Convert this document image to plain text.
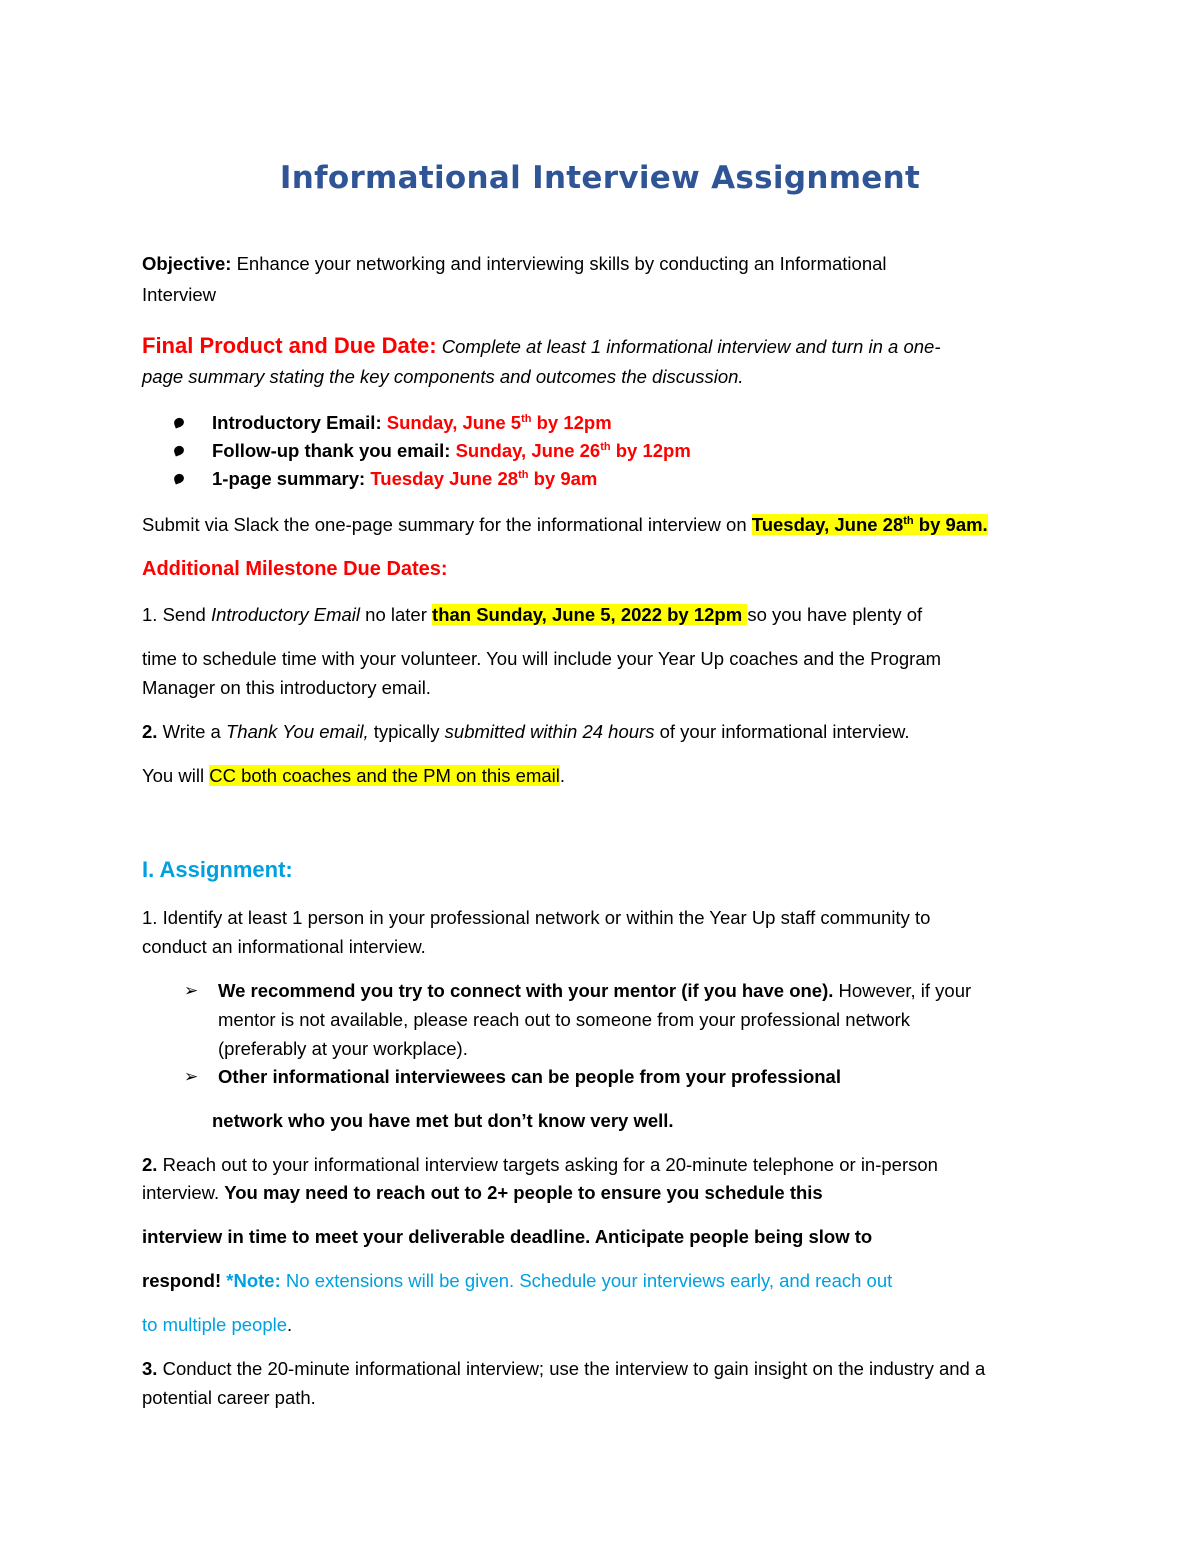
Informational Interview Assignment
Objective: Enhance your networking and interviewing skills by conducting an Informational
Interview
Final Product and Due Date: Complete at least 1 informational interview and turn in a one-
page summary stating the key components and outcomes the discussion.
Introductory Email: Sunday, June 5th by 12pm
Follow-up thank you email: Sunday, June 26th by 12pm
1-page summary: Tuesday June 28th by 9am
Submit via Slack the one-page summary for the informational interview on Tuesday, June 28th by 9am.
Additional Milestone Due Dates:
1. Send Introductory Email no later than Sunday, June 5, 2022 by 12pm so you have plenty of
time to schedule time with your volunteer. You will include your Year Up coaches and the Program
Manager on this introductory email.
2. Write a Thank You email, typically submitted within 24 hours of your informational interview.
You will CC both coaches and the PM on this email.
I. Assignment:
1. Identify at least 1 person in your professional network or within the Year Up staff community to
conduct an informational interview.
➢ We recommend you try to connect with your mentor (if you have one). However, if your
mentor is not available, please reach out to someone from your professional network
(preferably at your workplace).
➢ Other informational interviewees can be people from your professional
network who you have met but don’t know very well.
2. Reach out to your informational interview targets asking for a 20-minute telephone or in-person
interview. You may need to reach out to 2+ people to ensure you schedule this
interview in time to meet your deliverable deadline. Anticipate people being slow to
respond! *Note: No extensions will be given. Schedule your interviews early, and reach out
to multiple people.
3. Conduct the 20-minute informational interview; use the interview to gain insight on the industry and a
potential career path.
